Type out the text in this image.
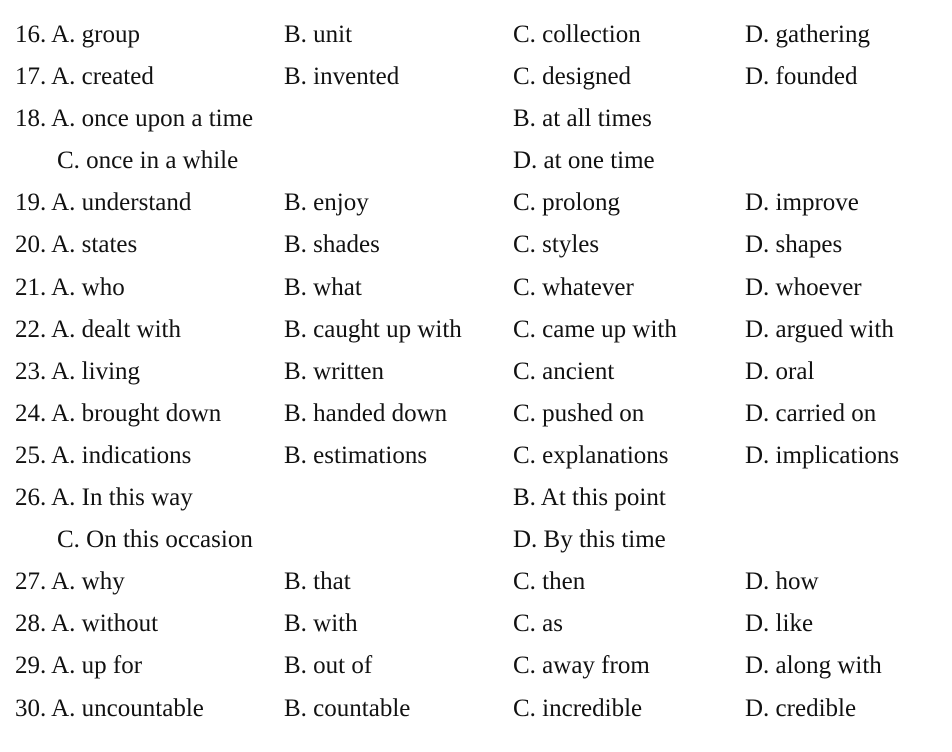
16. A. group	B. unit	C. collection	D. gathering
17. A. created	B. invented	C. designed	D. founded
18. A. once upon a time	B. at all times
C. once in a while	D. at one time
19. A. understand	B. enjoy	C. prolong	D. improve
20. A. states	B. shades	C. styles	D. shapes
21. A. who	B. what	C. whatever	D. whoever
22. A. dealt with	B. caught up with C. came up with	D. argued with
23. A. living	B. written	C. ancient	D. oral
24. A. brought down	B. handed down	C. pushed on	D. carried on
25. A. indications	B. estimations	C. explanations	D. implications
26. A. In this way	B. At this point
C. On this occasion	D. By this time
27. A. why	B. that	C. then	D. how
28. A. without	B. with	C. as	D. like
29. A. up for	B. out of	C. away from	D. along with
30. A. uncountable	B. countable	C. incredible	D. credible
